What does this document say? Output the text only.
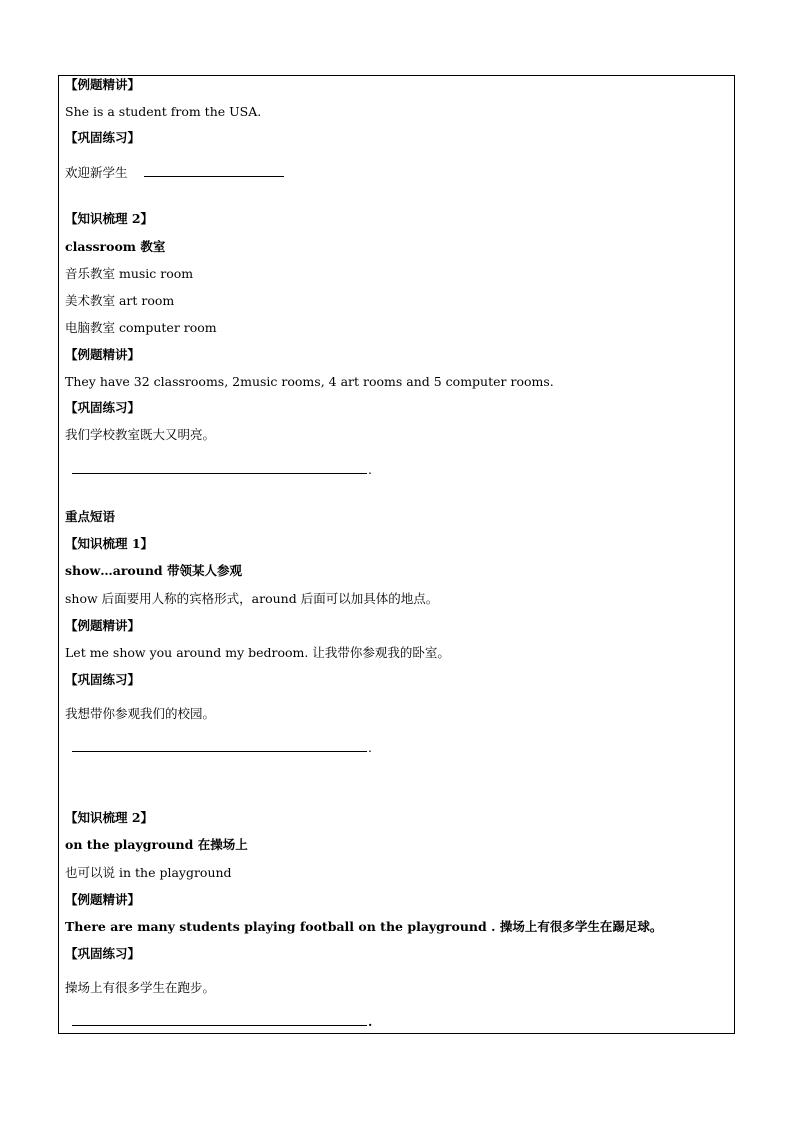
【例题精讲】
She is a student from the USA.
【巩固练习】
欢迎新学生
【知识梳理 2】
classroom 教室
音乐教室 music room
美术教室 art room
电脑教室 computer room
【例题精讲】
They have 32 classrooms, 2music rooms, 4 art rooms and 5 computer rooms.
【巩固练习】
我们学校教室既大又明亮。
.
重点短语
【知识梳理 1】
show…around 带领某人参观
show 后面要用人称的宾格形式，around 后面可以加具体的地点。
【例题精讲】
Let me show you around my bedroom. 让我带你参观我的卧室。
【巩固练习】
我想带你参观我们的校园。
.
【知识梳理 2】
on the playground 在操场上
也可以说 in the playground
【例题精讲】
There are many students playing football on the playground . 操场上有很多学生在踢足球。
【巩固练习】
操场上有很多学生在跑步。
.
